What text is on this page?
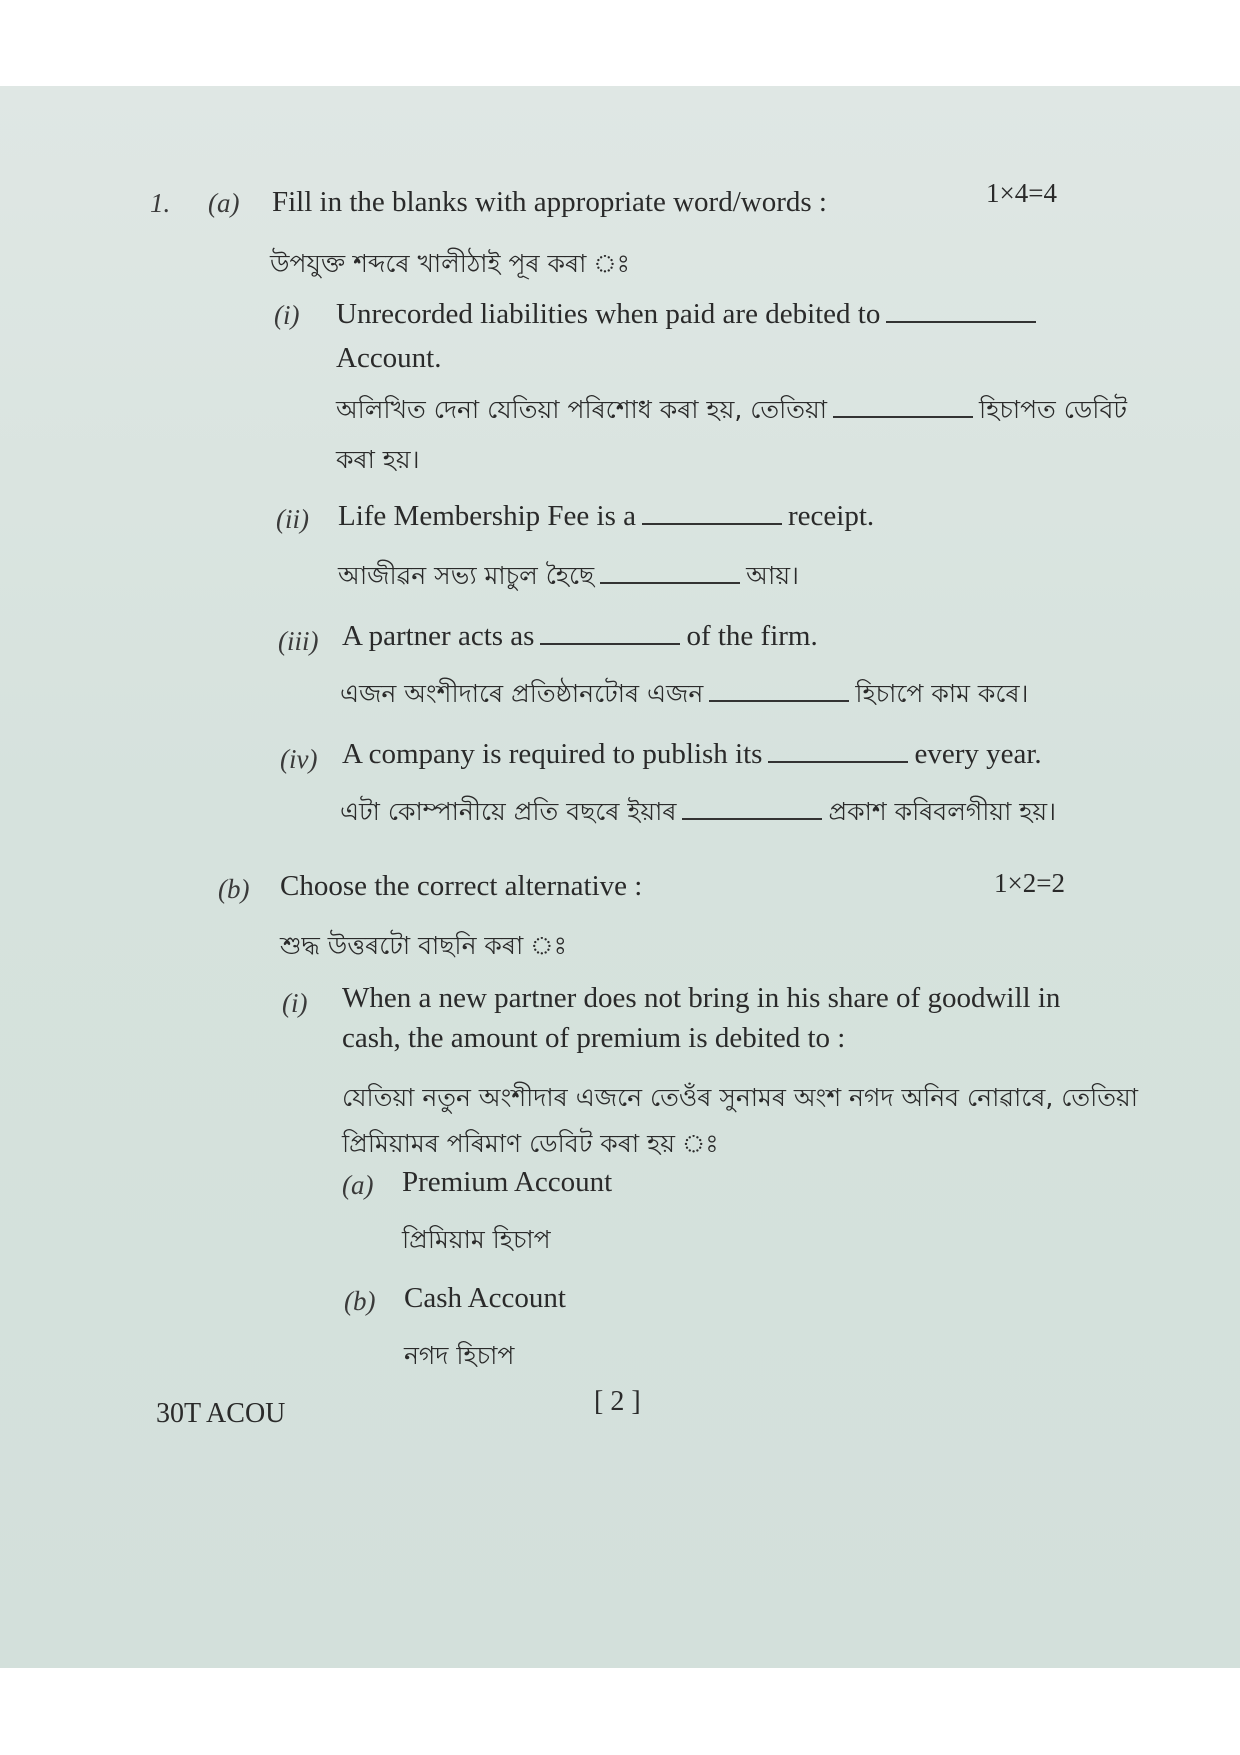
1. (a) Fill in the blanks with appropriate word/words :	1×4=4
উপযুক্ত শব্দৰে খালীঠাই পূৰ কৰা ঃ
(i) Unrecorded liabilities when paid are debited to
Account.
অলিখিত দেনা যেতিয়া পৰিশোধ কৰা হয়, তেতিয়া	হিচাপত ডেবিট
কৰা হয়।
(ii) Life Membership Fee is a	receipt.
আজীৱন সভ্য মাচুল হৈছে	আয়।
(iii) A partner acts as	of the firm.
এজন অংশীদাৰে প্ৰতিষ্ঠানটোৰ এজন	হিচাপে কাম কৰে।
(iv) A company is required to publish its	every year.
এটা কোম্পানীয়ে প্ৰতি বছৰে ইয়াৰ	প্ৰকাশ কৰিবলগীয়া হয়।
(b) Choose the correct alternative :	1×2=2
শুদ্ধ উত্তৰটো বাছনি কৰা ঃ
(i) When a new partner does not bring in his share of goodwill in
cash, the amount of premium is debited to :
যেতিয়া নতুন অংশীদাৰ এজনে তেওঁৰ সুনামৰ অংশ নগদ অনিব নোৱাৰে, তেতিয়া
প্ৰিমিয়ামৰ পৰিমাণ ডেবিট কৰা হয় ঃ
(a) Premium Account
প্ৰিমিয়াম হিচাপ
(b) Cash Account
নগদ হিচাপ
30T ACOU	[ 2 ]
